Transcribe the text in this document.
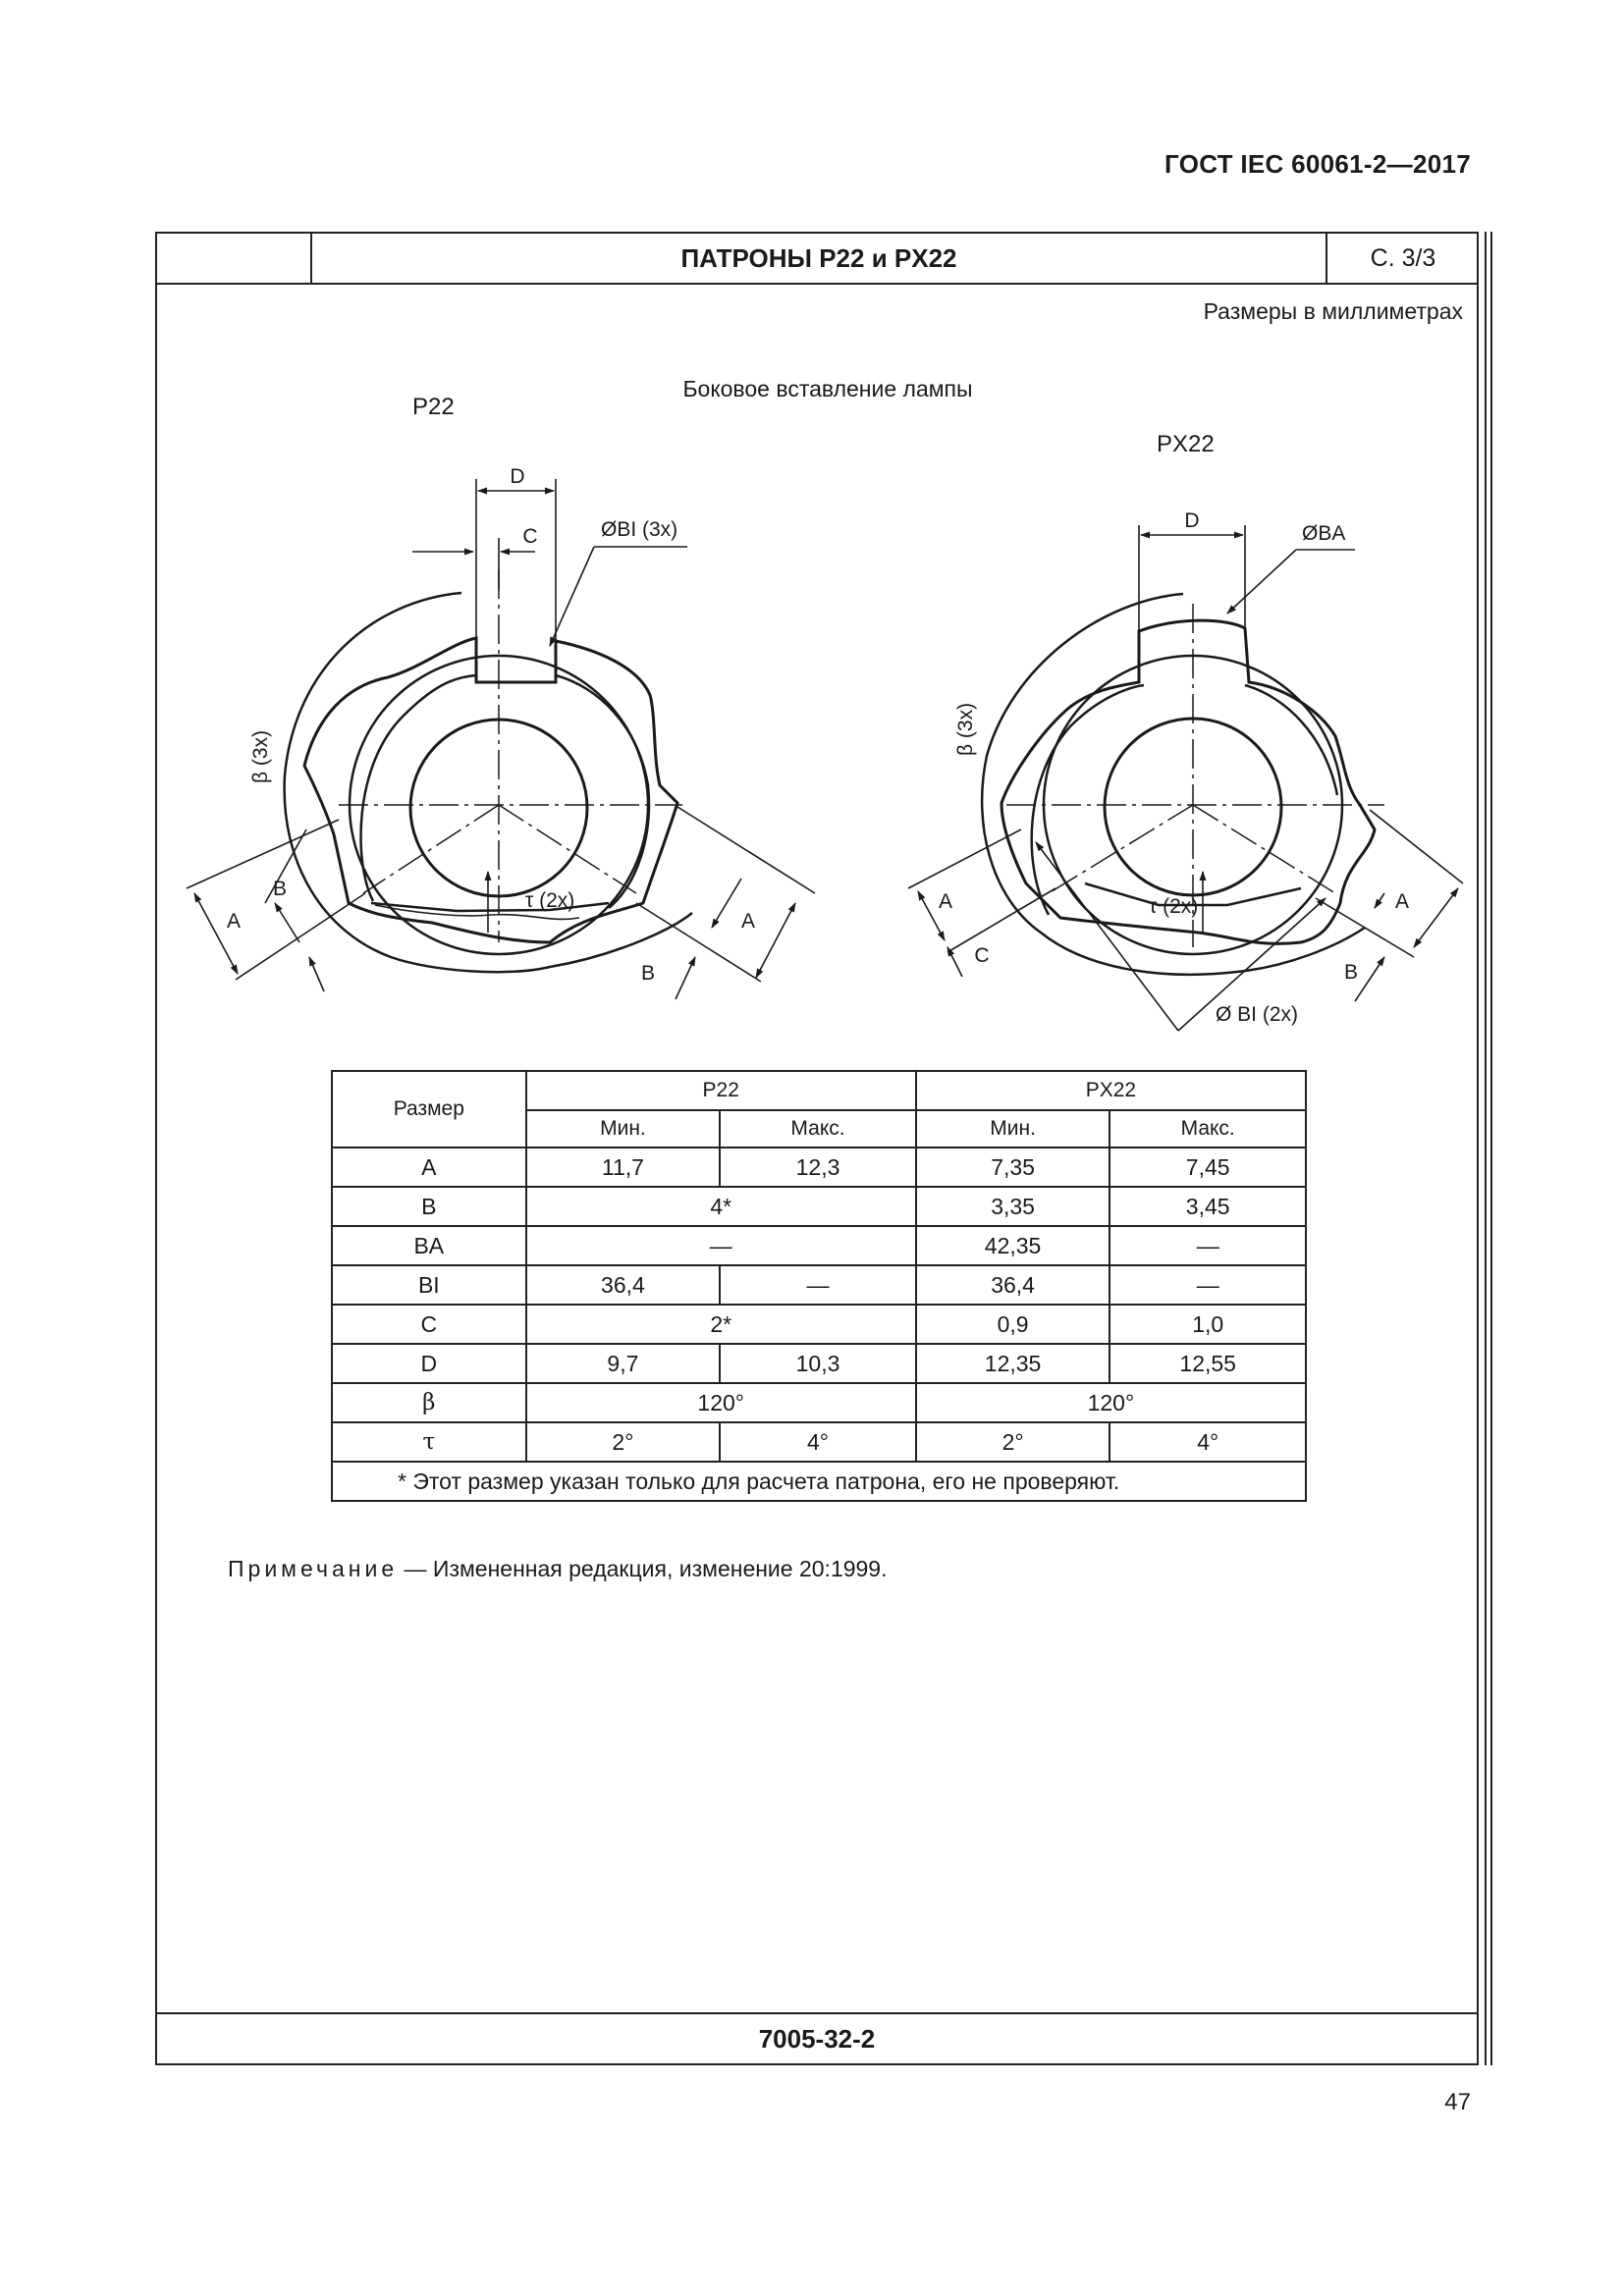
ГОСТ IEC 60061-2—2017
ПАТРОНЫ P22 и PX22	С. 3/3
Размеры в миллиметрах
7005-32-2
Боковое вставление лампы
P22
D
C	ØBI (3x)
β (3x)
τ (2x)
A
B
A
B
PX22
D
ØBA
β (3x)
τ (2x)
A
C
A
B
Ø BI (2x)
Размер	P22		PX22	
	Мин.	Макс.	Мин.	Макс.
A	11,7	12,3	7,35	7,45
B	4*		3,35	3,45
BA	—		42,35	—
BI	36,4	—	36,4	—
C	2*		0,9	1,0
D	9,7	10,3	12,35	12,55
β	120°		120°	
τ	2°	4°	2°	4°
* Этот размер указан только для расчета патрона, его не проверяют.				
Примечание — Измененная редакция, изменение 20:1999.
47
